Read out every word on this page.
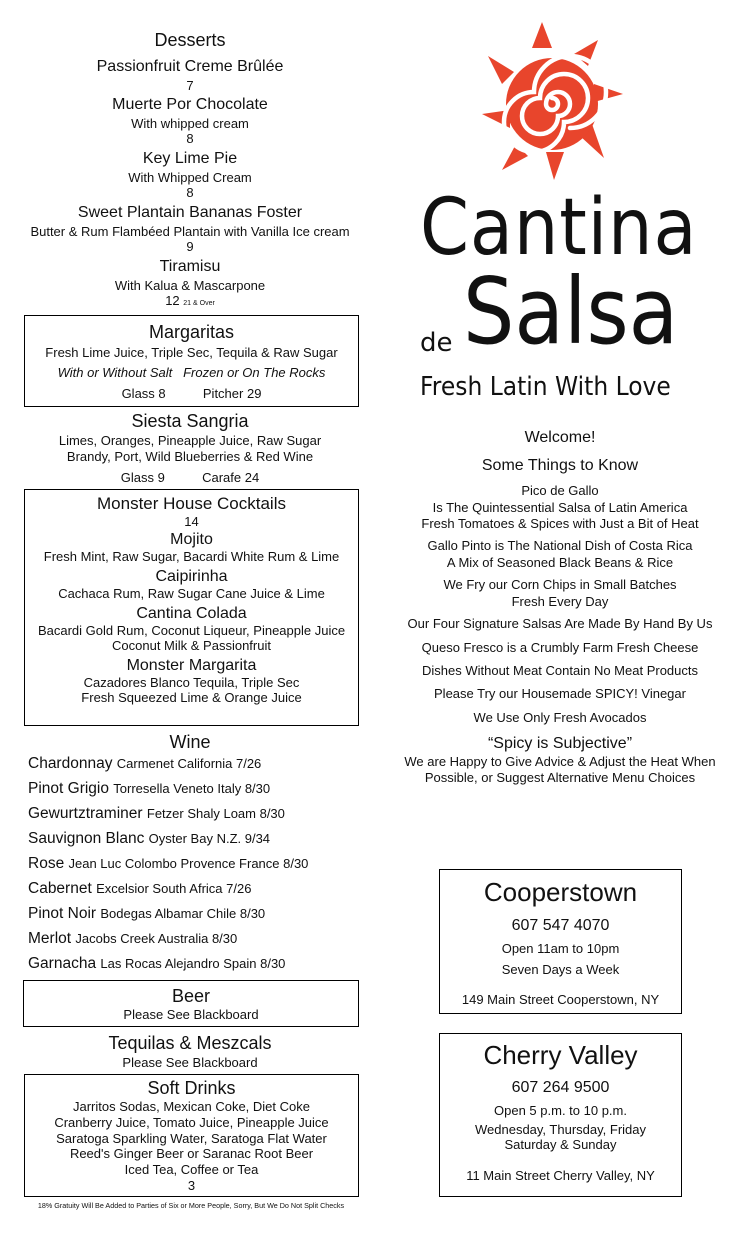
Desserts
Passionfruit Creme Brûlée
7
Muerte Por Chocolate
With whipped cream
8
Key Lime Pie
With Whipped Cream
8
Sweet Plantain Bananas Foster
Butter & Rum Flambéed Plantain with Vanilla Ice cream
9
Tiramisu
With Kalua & Mascarpone
12 21 & Over
Margaritas
Fresh Lime Juice, Triple Sec, Tequila & Raw Sugar
With or Without Salt   Frozen or On The Rocks
Glass 8	Pitcher 29
Siesta Sangria
Limes, Oranges, Pineapple Juice, Raw Sugar
Brandy, Port, Wild Blueberries & Red Wine
Glass 9	Carafe 24
Monster House Cocktails
14
Mojito
Fresh Mint, Raw Sugar, Bacardi White Rum & Lime
Caipirinha
Cachaca Rum, Raw Sugar Cane Juice & Lime
Cantina Colada
Bacardi Gold Rum, Coconut Liqueur, Pineapple Juice
Coconut Milk & Passionfruit
Monster Margarita
Cazadores Blanco Tequila, Triple Sec
Fresh Squeezed Lime & Orange Juice
Wine
Chardonnay Carmenet California 7/26
Pinot Grigio Torresella Veneto Italy 8/30
Gewurtztraminer Fetzer Shaly Loam 8/30
Sauvignon Blanc Oyster Bay N.Z. 9/34
Rose Jean Luc Colombo Provence France 8/30
Cabernet Excelsior South Africa 7/26
Pinot Noir Bodegas Albamar Chile 8/30
Merlot Jacobs Creek Australia 8/30
Garnacha Las Rocas Alejandro Spain 8/30
Beer
Please See Blackboard
Tequilas & Meszcals
Please See Blackboard
Soft Drinks
Jarritos Sodas, Mexican Coke, Diet Coke
Cranberry Juice, Tomato Juice, Pineapple Juice
Saratoga Sparkling Water, Saratoga Flat Water
Reed's Ginger Beer or Saranac Root Beer
Iced Tea, Coffee or Tea
3
18% Gratuity Will Be Added to Parties of Six or More People, Sorry, But We Do Not Split Checks
Cantina
de Salsa
Fresh Latin With Love
Welcome!
Some Things to Know
Pico de Gallo
Is The Quintessential Salsa of Latin America
Fresh Tomatoes & Spices with Just a Bit of Heat
Gallo Pinto is The National Dish of Costa Rica
A Mix of Seasoned Black Beans & Rice
We Fry our Corn Chips in Small Batches
Fresh Every Day
Our Four Signature Salsas Are Made By Hand By Us
Queso Fresco is a Crumbly Farm Fresh Cheese
Dishes Without Meat Contain No Meat Products
Please Try our Housemade SPICY! Vinegar
We Use Only Fresh Avocados
“Spicy is Subjective”
We are Happy to Give Advice & Adjust the Heat When
Possible, or Suggest Alternative Menu Choices
Cooperstown
607 547 4070
Open 11am to 10pm
Seven Days a Week
149 Main Street Cooperstown, NY
Cherry Valley
607 264 9500
Open 5 p.m. to 10 p.m.
Wednesday, Thursday, Friday
Saturday & Sunday
11 Main Street Cherry Valley, NY
